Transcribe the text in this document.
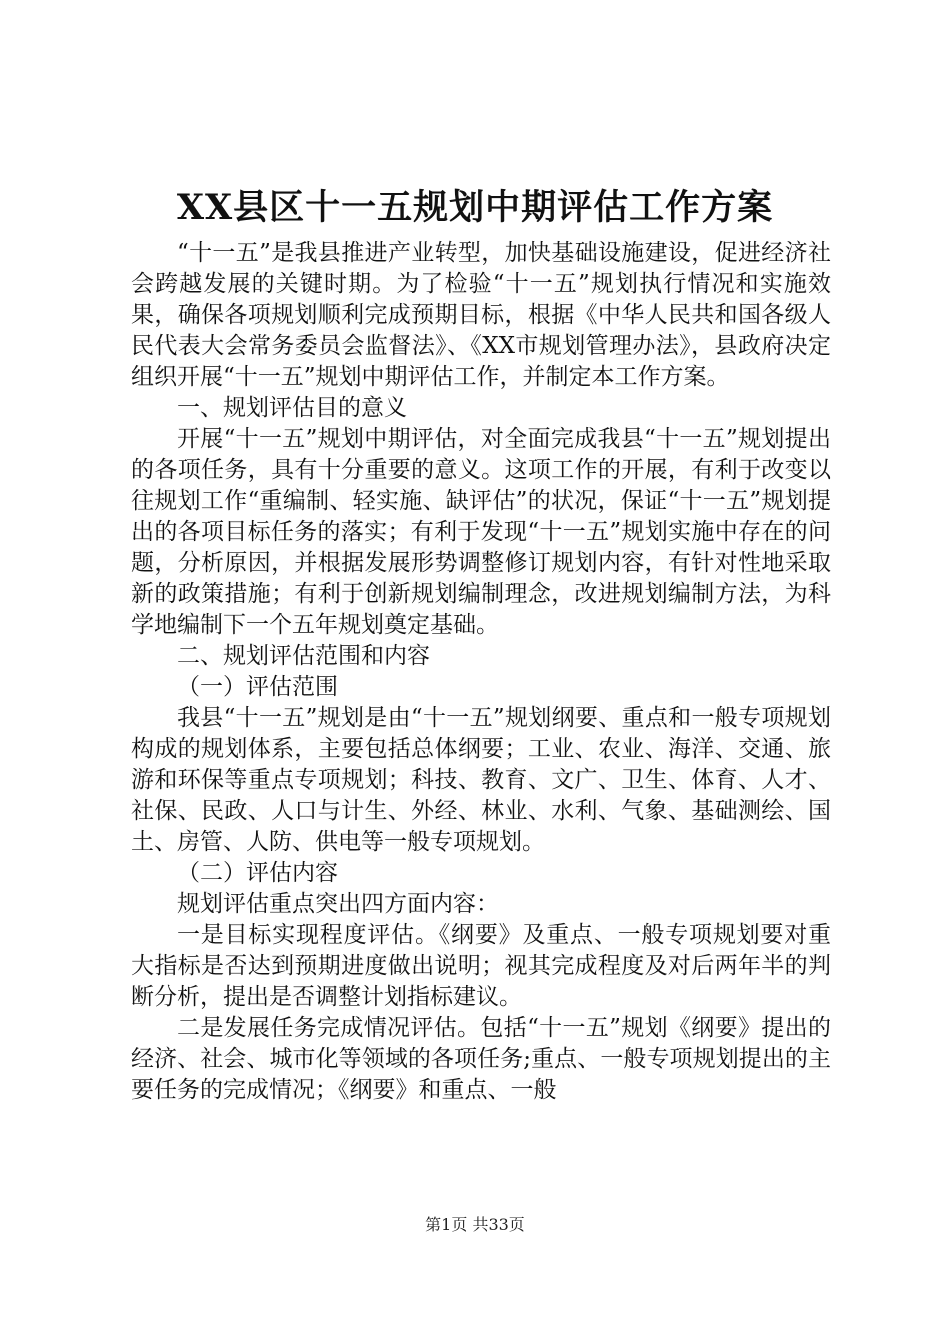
XX县区十一五规划中期评估工作方案

“十一五”是我县推进产业转型，加快基础设施建设，促进经济社会跨越发展的关键时期。为了检验“十一五”规划执行情况和实施效果，确保各项规划顺利完成预期目标，根据《中华人民共和国各级人民代表大会常务委员会监督法》、《XX市规划管理办法》，县政府决定组织开展“十一五”规划中期评估工作，并制定本工作方案。

一、规划评估目的意义

开展“十一五”规划中期评估，对全面完成我县“十一五”规划提出的各项任务，具有十分重要的意义。这项工作的开展，有利于改变以往规划工作“重编制、轻实施、缺评估”的状况，保证“十一五”规划提出的各项目标任务的落实；有利于发现“十一五”规划实施中存在的问题，分析原因，并根据发展形势调整修订规划内容，有针对性地采取新的政策措施；有利于创新规划编制理念，改进规划编制方法，为科学地编制下一个五年规划奠定基础。

二、规划评估范围和内容

（一）评估范围

我县“十一五”规划是由“十一五”规划纲要、重点和一般专项规划构成的规划体系，主要包括总体纲要；工业、农业、海洋、交通、旅游和环保等重点专项规划；科技、教育、文广、卫生、体育、人才、社保、民政、人口与计生、外经、林业、水利、气象、基础测绘、国土、房管、人防、供电等一般专项规划。

（二）评估内容

规划评估重点突出四方面内容：

一是目标实现程度评估。《纲要》及重点、一般专项规划要对重大指标是否达到预期进度做出说明；视其完成程度及对后两年半的判断分析，提出是否调整计划指标建议。

二是发展任务完成情况评估。包括“十一五”规划《纲要》提出的经济、社会、城市化等领域的各项任务;重点、一般专项规划提出的主要任务的完成情况；《纲要》和重点、一般

第1页 共33页
